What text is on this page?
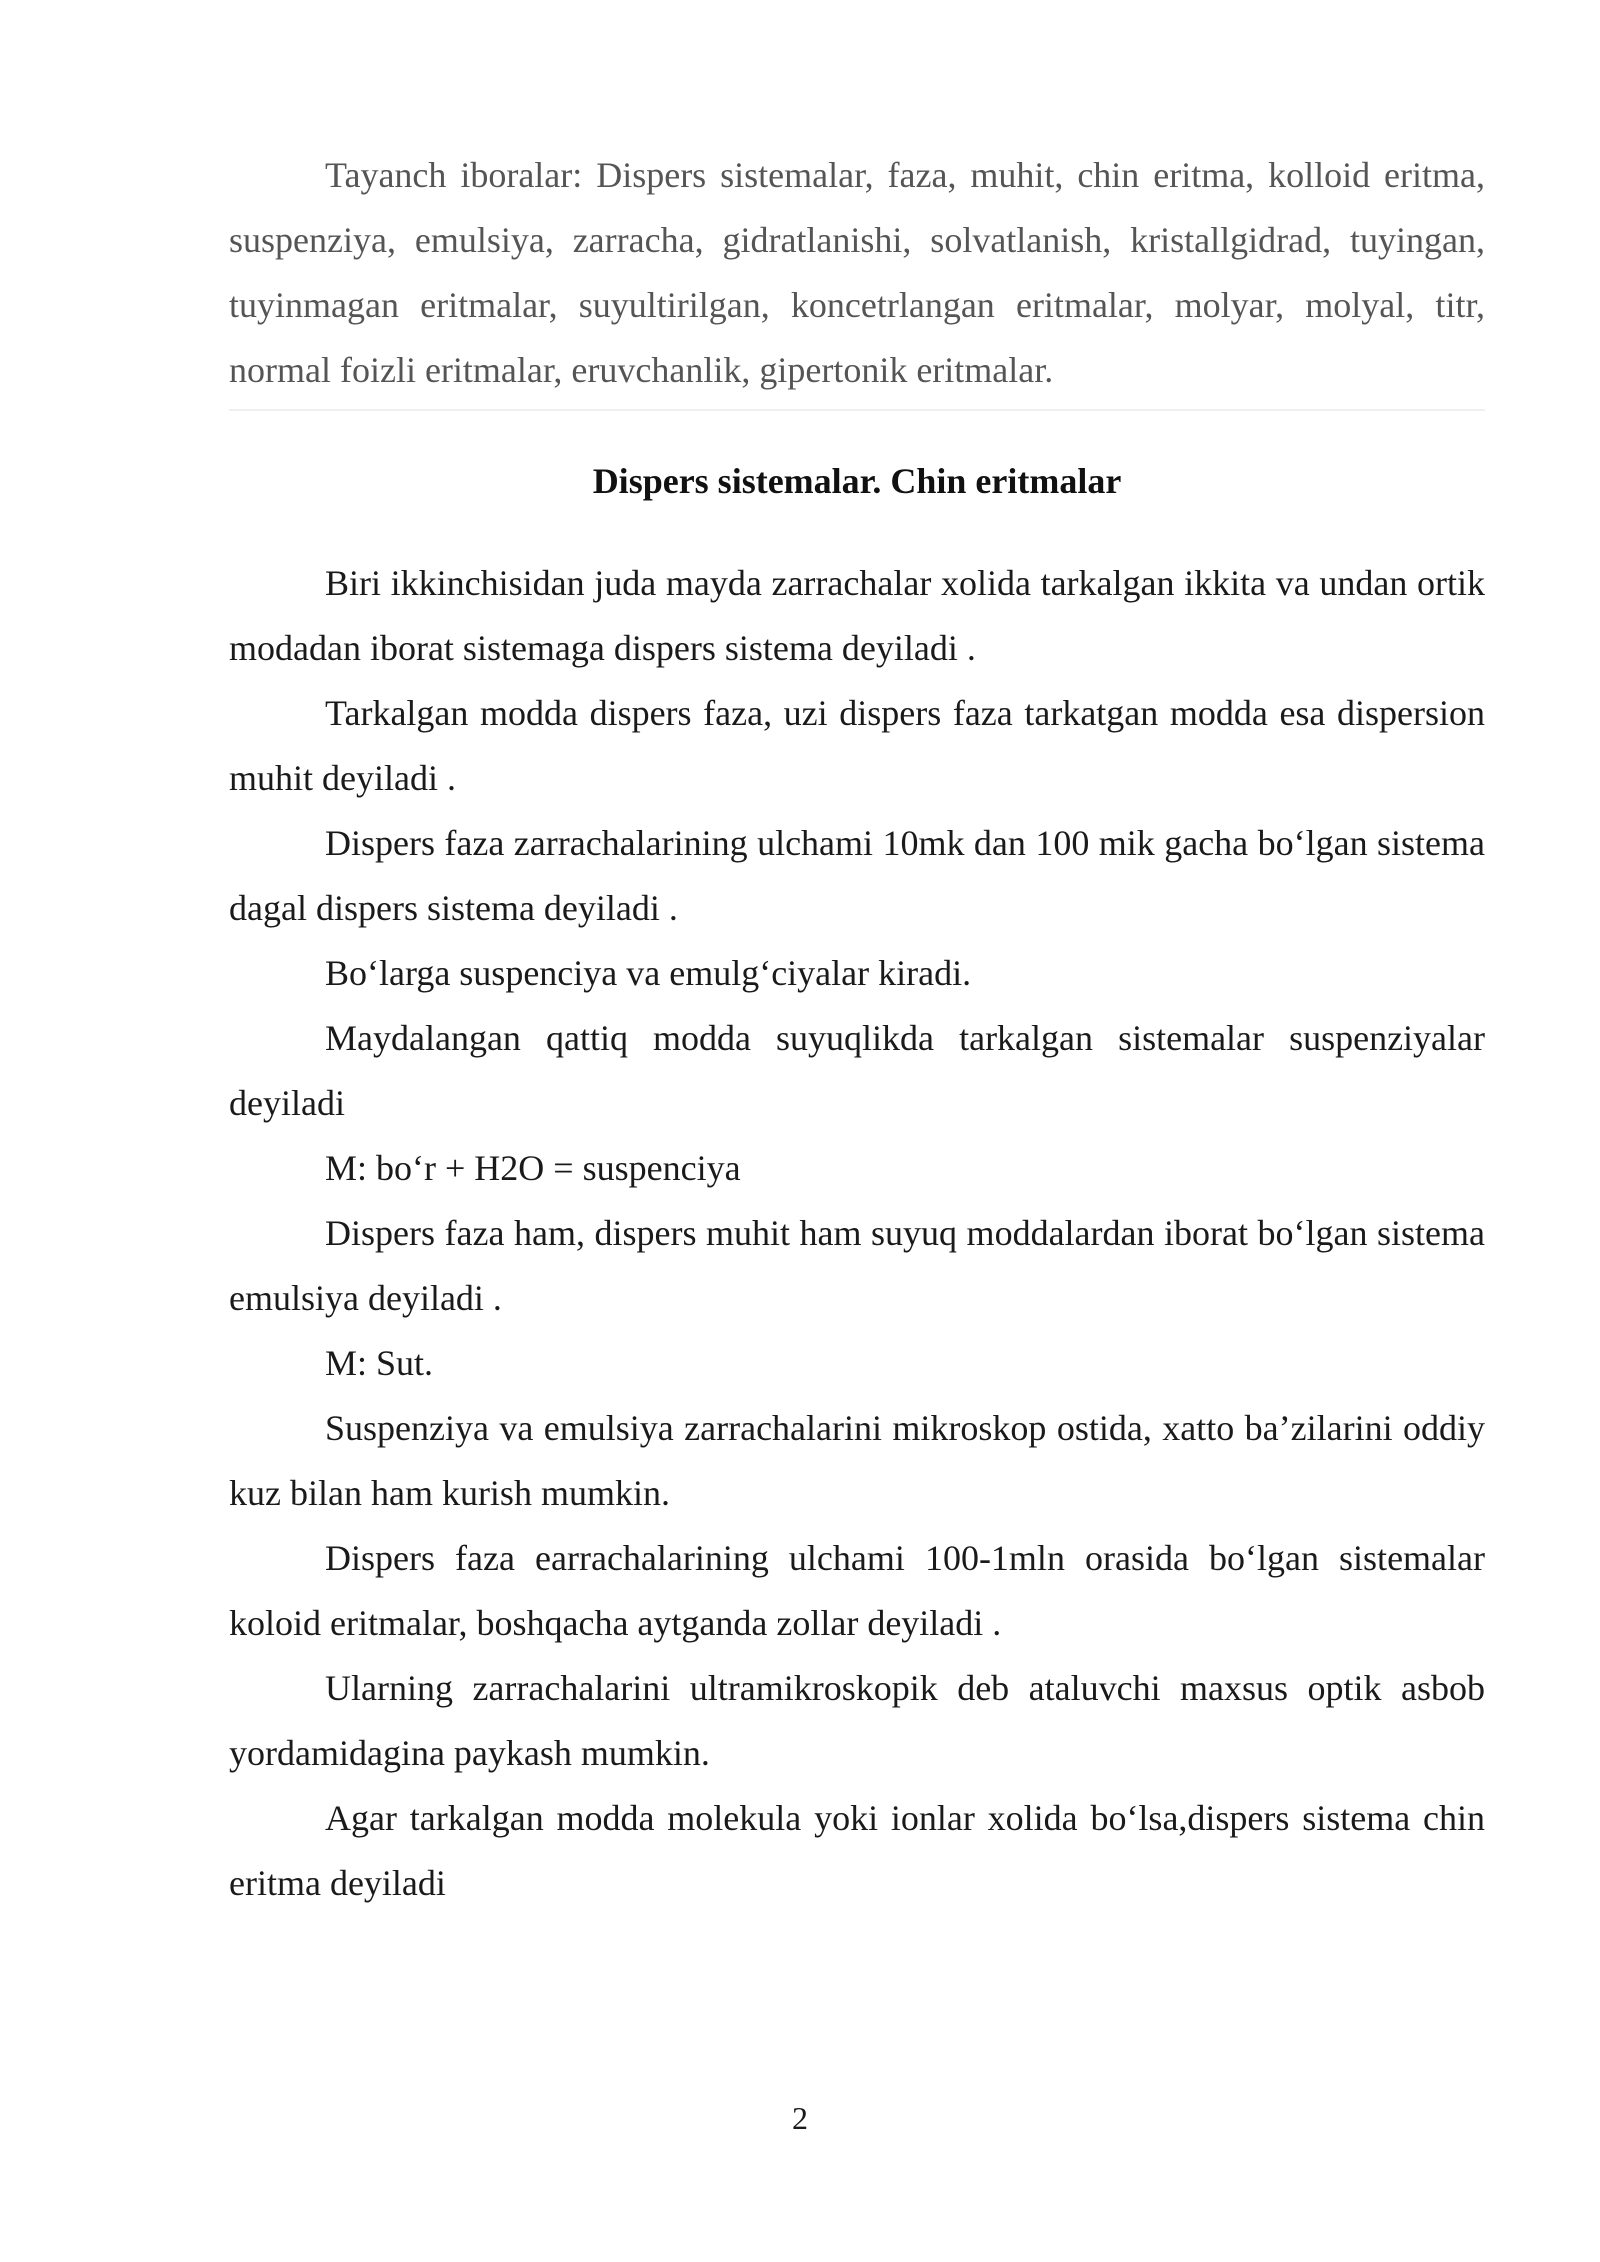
Tayanch iboralar: Dispers sistemalar, faza, muhit, chin eritma, kolloid eritma, suspenziya, emulsiya, zarracha, gidratlanishi, solvatlanish, kristallgidrad, tuyingan, tuyinmagan eritmalar, suyultirilgan, koncetrlangan eritmalar, molyar, molyal, titr, normal foizli eritmalar, eruvchanlik, gipertonik eritmalar.

Dispers sistemalar. Chin eritmalar

Biri ikkinchisidan juda mayda zarrachalar xolida tarkalgan ikkita va undan ortik modadan iborat sistemaga dispers sistema deyiladi .

Tarkalgan modda dispers faza, uzi dispers faza tarkatgan modda esa dispersion muhit deyiladi .

Dispers faza zarrachalarining ulchami 10mk dan 100 mik gacha bo‘lgan sistema dagal dispers sistema deyiladi .

Bo‘larga suspenciya va emulg‘ciyalar kiradi.

Maydalangan qattiq modda suyuqlikda tarkalgan sistemalar suspenziyalar deyiladi

M: bo‘r + H2O = suspenciya

Dispers faza ham, dispers muhit ham suyuq moddalardan iborat bo‘lgan sistema emulsiya deyiladi .

M: Sut.

Suspenziya va emulsiya zarrachalarini mikroskop ostida, xatto ba’zilarini oddiy kuz bilan ham kurish mumkin.

Dispers faza earrachalarining ulchami 100-1mln orasida bo‘lgan sistemalar koloid eritmalar, boshqacha aytganda zollar deyiladi .

Ularning zarrachalarini ultramikroskopik deb ataluvchi maxsus optik asbob yordamidagina paykash mumkin.

Agar tarkalgan modda molekula yoki ionlar xolida bo‘lsa,dispers sistema chin eritma deyiladi

2
